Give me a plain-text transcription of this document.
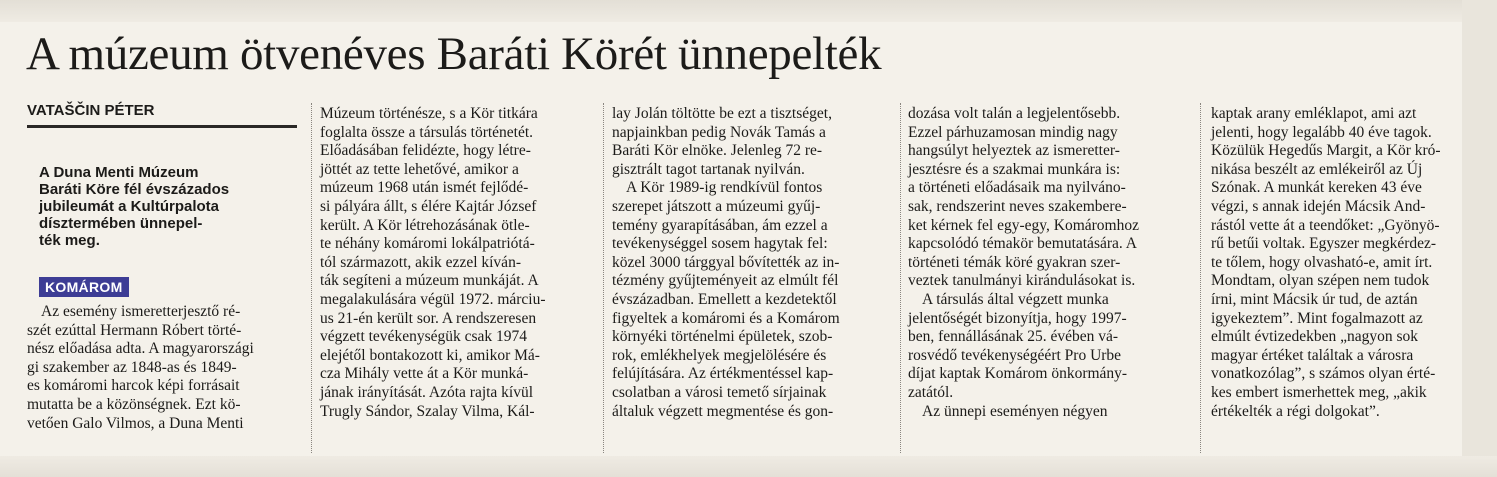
A múzeum ötvenéves Baráti Körét ünnepelték
VATAŠČIN PÉTER

A Duna Menti Múzeum

Baráti Köre fél évszázados

jubileumát a Kultúrpalota

dísztermében ünnepel-

ték meg.

KOMÁROM
Az esemény ismeretterjesztő ré-
szét ezúttal Hermann Róbert törté-
nész előadása adta. A magyarországi
gi szakember az 1848-as és 1849-
es komáromi harcok képi forrásait
mutatta be a közönségnek. Ezt kö-
vetően Galo Vilmos, a Duna Menti
Múzeum történésze, s a Kör titkára
foglalta össze a társulás történetét.
Előadásában felidézte, hogy létre-
jöttét az tette lehetővé, amikor a
múzeum 1968 után ismét fejlődé-
si pályára állt, s élére Kajtár József
került. A Kör létrehozásának ötle-
te néhány komáromi lokálpatriótá-
tól származott, akik ezzel kíván-
ták segíteni a múzeum munkáját. A
megalakulására végül 1972. márciu-
us 21-én került sor. A rendszeresen
végzett tevékenységük csak 1974
elejétől bontakozott ki, amikor Má-
cza Mihály vette át a Kör munká-
jának irányítását. Azóta rajta kívül
Trugly Sándor, Szalay Vilma, Kál-
lay Jolán töltötte be ezt a tisztséget,
napjainkban pedig Novák Tamás a
Baráti Kör elnöke. Jelenleg 72 re-
gisztrált tagot tartanak nyilván.
A Kör 1989-ig rendkívül fontos
szerepet játszott a múzeumi gyűj-
temény gyarapításában, ám ezzel a
tevékenységgel sosem hagytak fel:
közel 3000 tárggyal bővítették az in-
tézmény gyűjteményeit az elmúlt fél
évszázadban. Emellett a kezdetektől
figyeltek a komáromi és a Komárom
környéki történelmi épületek, szob-
rok, emlékhelyek megjelölésére és
felújítására. Az értékmentéssel kap-
csolatban a városi temető sírjainak
általuk végzett megmentése és gon-
dozása volt talán a legjelentősebb.
Ezzel párhuzamosan mindig nagy
hangsúlyt helyeztek az ismeretter-
jesztésre és a szakmai munkára is:
a történeti előadásaik ma nyilváno-
sak, rendszerint neves szakembere-
ket kérnek fel egy-egy, Komáromhoz
kapcsolódó témakör bemutatására. A
történeti témák köré gyakran szer-
veztek tanulmányi kirándulásokat is.
A társulás által végzett munka
jelentőségét bizonyítja, hogy 1997-
ben, fennállásának 25. évében vá-
rosvédő tevékenységéért Pro Urbe
díjat kaptak Komárom önkormány-
zatától.
Az ünnepi eseményen négyen
kaptak arany emléklapot, ami azt
jelenti, hogy legalább 40 éve tagok.
Közülük Hegedűs Margit, a Kör kró-
nikása beszélt az emlékeiről az Új
Szónak. A munkát kereken 43 éve
végzi, s annak idején Mácsik And-
rástól vette át a teendőket: „Gyönyö-
rű betűi voltak. Egyszer megkérdez-
te tőlem, hogy olvasható-e, amit írt.
Mondtam, olyan szépen nem tudok
írni, mint Mácsik úr tud, de aztán
igyekeztem”. Mint fogalmazott az
elmúlt évtizedekben „nagyon sok
magyar értéket találtak a városra
vonatkozólag”, s számos olyan érté-
kes embert ismerhettek meg, „akik
értékelték a régi dolgokat”.
